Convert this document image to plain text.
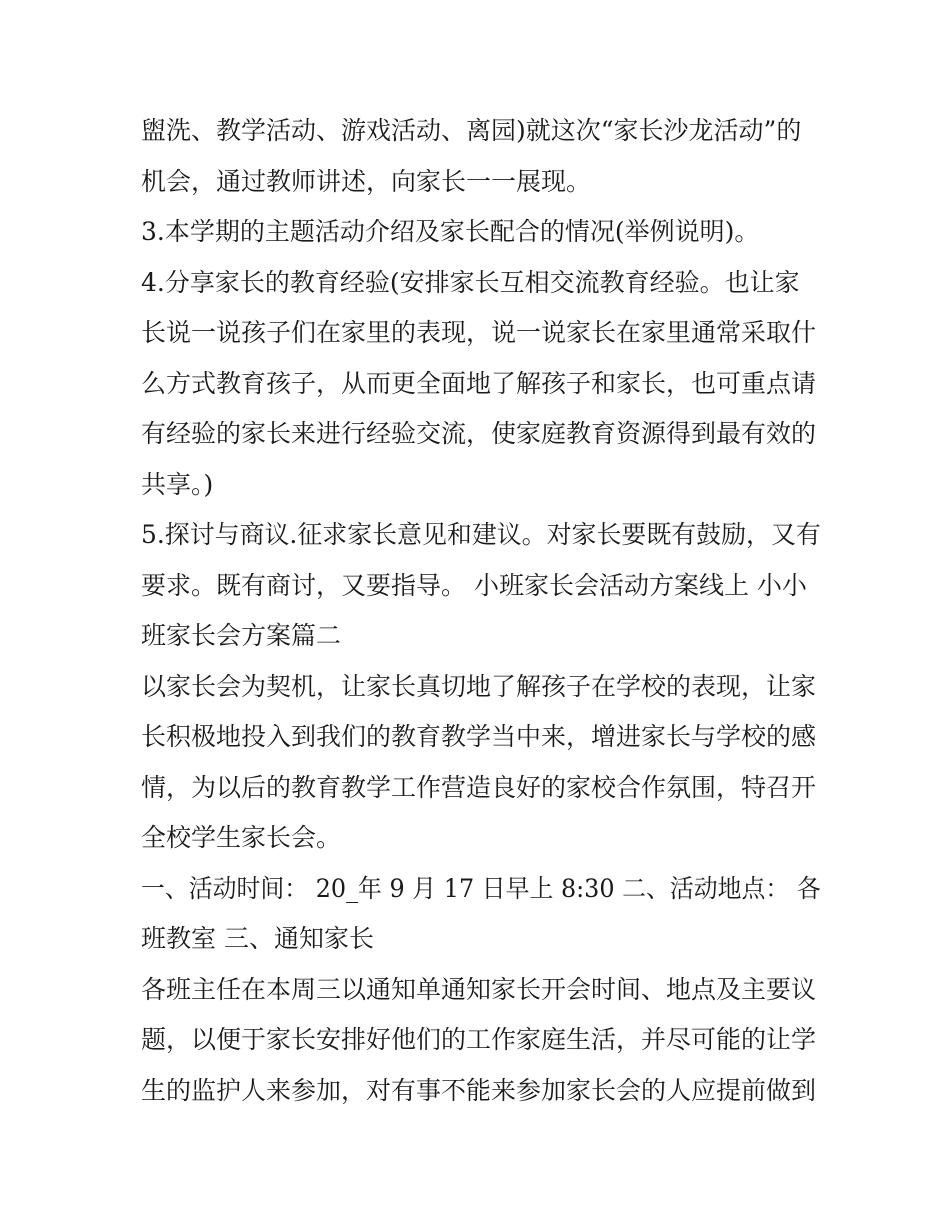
盥洗、教学活动、游戏活动、离园)就这次“家长沙龙活动”的
机会，通过教师讲述，向家长一一展现。
3.本学期的主题活动介绍及家长配合的情况(举例说明)。
4.分享家长的教育经验(安排家长互相交流教育经验。也让家
长说一说孩子们在家里的表现，说一说家长在家里通常采取什
么方式教育孩子，从而更全面地了解孩子和家长，也可重点请
有经验的家长来进行经验交流，使家庭教育资源得到最有效的
共享。)
5.探讨与商议.征求家长意见和建议。对家长要既有鼓励，又有
要求。既有商讨，又要指导。 小班家长会活动方案线上 小小
班家长会方案篇二
以家长会为契机，让家长真切地了解孩子在学校的表现，让家
长积极地投入到我们的教育教学当中来，增进家长与学校的感
情，为以后的教育教学工作营造良好的家校合作氛围，特召开
全校学生家长会。
一、活动时间： 20_年 9 月 17 日早上 8:30 二、活动地点： 各
班教室 三、通知家长
各班主任在本周三以通知单通知家长开会时间、地点及主要议
题，以便于家长安排好他们的工作家庭生活，并尽可能的让学
生的监护人来参加，对有事不能来参加家长会的人应提前做到
